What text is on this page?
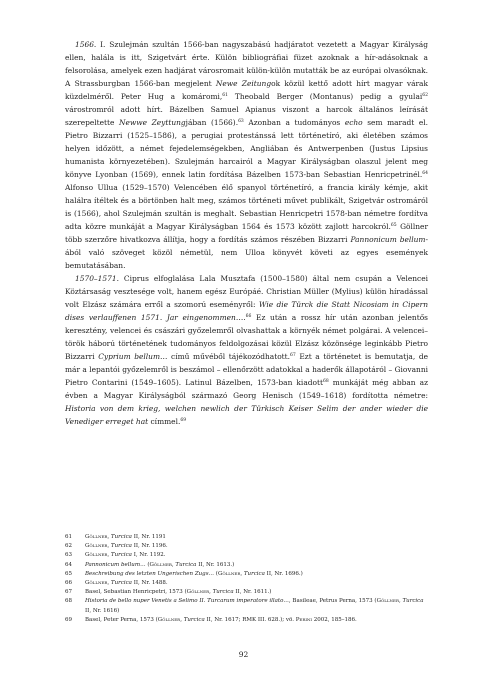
1566. I. Szulejmán szultán 1566-ban nagyszabású hadjáratot vezetett a Magyar Királyság ellen, halála is itt, Szigetvárt érte. Külön bibliográfiai füzet azoknak a hír-adásoknak a felsorolása, amelyek ezen hadjárat városromait külön-külön mutatták be az európai olvasóknak. A Strassburgban 1566-ban megjelent Newe Zeitungok közül kettő adott hírt magyar várak küzdelméről. Peter Hug a komáromi,$^{61}$ Theobald Berger (Montanus) pedig a gyulai$^{62}$ várostromról adott hírt. Bázelben Samuel Apianus viszont a harcok általános leírását szerepeltette Newwe Zeyttungjában (1566).$^{63}$ Azonban a tudományos echo sem maradt el. Pietro Bizzarri (1525–1586), a perugiai protestánssá lett történetíró, aki életében számos helyen időzött, a német fejedelemségekben, Angliában és Antwerpenben (Justus Lipsius humanista környezetében). Szulejmán harcairól a Magyar Királyságban olaszul jelent meg könyve Lyonban (1569), ennek latin fordítása Bázelben 1573-ban Sebastian Henricpetrinél.$^{64}$ Alfonso Ullua (1529–1570) Velencében élő spanyol történetíró, a francia király kémje, akit halálra ítéltek és a börtönben halt meg, számos történeti művet publikált, Szigetvár ostromáról is (1566), ahol Szulejmán szultán is meghalt. Sebastian Henricpetri 1578-ban németre fordítva adta közre munkáját a Magyar Királyságban 1564 és 1573 között zajlott harcokról.$^{65}$ Göllner több szerzőre hivatkozva állítja, hogy a fordítás számos részében Bizzarri Pannonicum bellum-ából való szöveget közöl németül, nem Ulloa könyvét követi az egyes események bemutatásában.

1570–1571. Ciprus elfoglalása Lala Musztafa (1500–1580) által nem csupán a Velencei Köztársaság vesztesége volt, hanem egész Európáé. Christian Müller (Mylius) külön híradással volt Elzász számára erről a szomorú eseményről: Wie die Türck die Statt Nicosiam in Cipern dises verlauffenen 1571. Jar eingenommen….$^{66}$ Ez után a rossz hír után azonban jelentős keresztény, velencei és császári győzelemről olvashattak a környék német polgárai. A velencei–török háború történetének tudományos feldolgozásai közül Elzász közönsége leginkább Pietro Bizzarri Cyprium bellum… című művéből tájékozódhatott.$^{67}$ Ezt a történetet is bemutatja, de már a lepantói győzelemről is beszámol – ellenőrzött adatokkal a haderők állapotáról – Giovanni Pietro Contarini (1549–1605). Latinul Bázelben, 1573-ban kiadott$^{68}$ munkáját még abban az évben a Magyar Királyságból származó Georg Henisch (1549–1618) fordította németre: Historia von dem krieg, welchen newlich der Türkisch Keiser Selim der ander wieder die Venediger erreget hat címmel.$^{69}$

61	Göllner, Turcica II, Nr. 1191
62	Göllner, Turcica II, Nr. 1196.
63	Göllner, Turcica I, Nr. 1192.
64	Pannonicum bellum… (Göllner, Turcica II, Nr. 1613.)
65	Beschreibung des letzten Ungerischen Zugs… (Göllner, Turcica II, Nr. 1696.)
66	Göllner, Turcica II, Nr. 1488.
67	Basel, Sebastian Henricpetri, 1573 (Göllner, Turcica II, Nr. 1611.)
68	Historia de bello nuper Venetis a Selimo II. Turcarum imperatore illato…, Basileae, Petrus Perna, 1573 (Göllner, Turcica II, Nr. 1616)
69	Basel, Peter Perna, 1573 (Göllner, Turcica II, Nr. 1617; RMK III. 628.); vö. Perini 2002, 185–186.
92
